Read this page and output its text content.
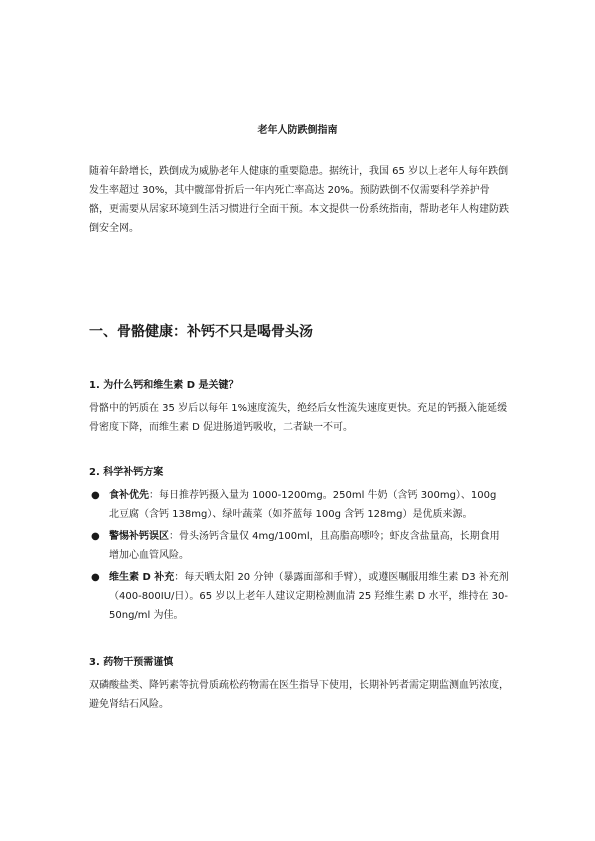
老年人防跌倒指南

随着年龄增长，跌倒成为威胁老年人健康的重要隐患。据统计，我国 65 岁以上老年人每年跌倒发生率超过 30%，其中髋部骨折后一年内死亡率高达 20%。预防跌倒不仅需要科学养护骨骼，更需要从居家环境到生活习惯进行全面干预。本文提供一份系统指南，帮助老年人构建防跌倒安全网。

一、骨骼健康：补钙不只是喝骨头汤
1. 为什么钙和维生素 D 是关键？

骨骼中的钙质在 35 岁后以每年 1%速度流失，绝经后女性流失速度更快。充足的钙摄入能延缓骨密度下降，而维生素 D 促进肠道钙吸收，二者缺一不可。

2. 科学补钙方案
● 食补优先：每日推荐钙摄入量为 1000-1200mg。250ml 牛奶（含钙 300mg）、100g 北豆腐（含钙 138mg）、绿叶蔬菜（如芥蓝每 100g 含钙 128mg）是优质来源。
● 警惕补钙误区：骨头汤钙含量仅 4mg/100ml，且高脂高嘌呤；虾皮含盐量高，长期食用增加心血管风险。
● 维生素 D 补充：每天晒太阳 20 分钟（暴露面部和手臂），或遵医嘱服用维生素 D3 补充剂（400-800IU/日）。65 岁以上老年人建议定期检测血清 25 羟维生素 D 水平，维持在 30-50ng/ml 为佳。
3. 药物干预需谨慎

双磷酸盐类、降钙素等抗骨质疏松药物需在医生指导下使用，长期补钙者需定期监测血钙浓度，避免肾结石风险。
